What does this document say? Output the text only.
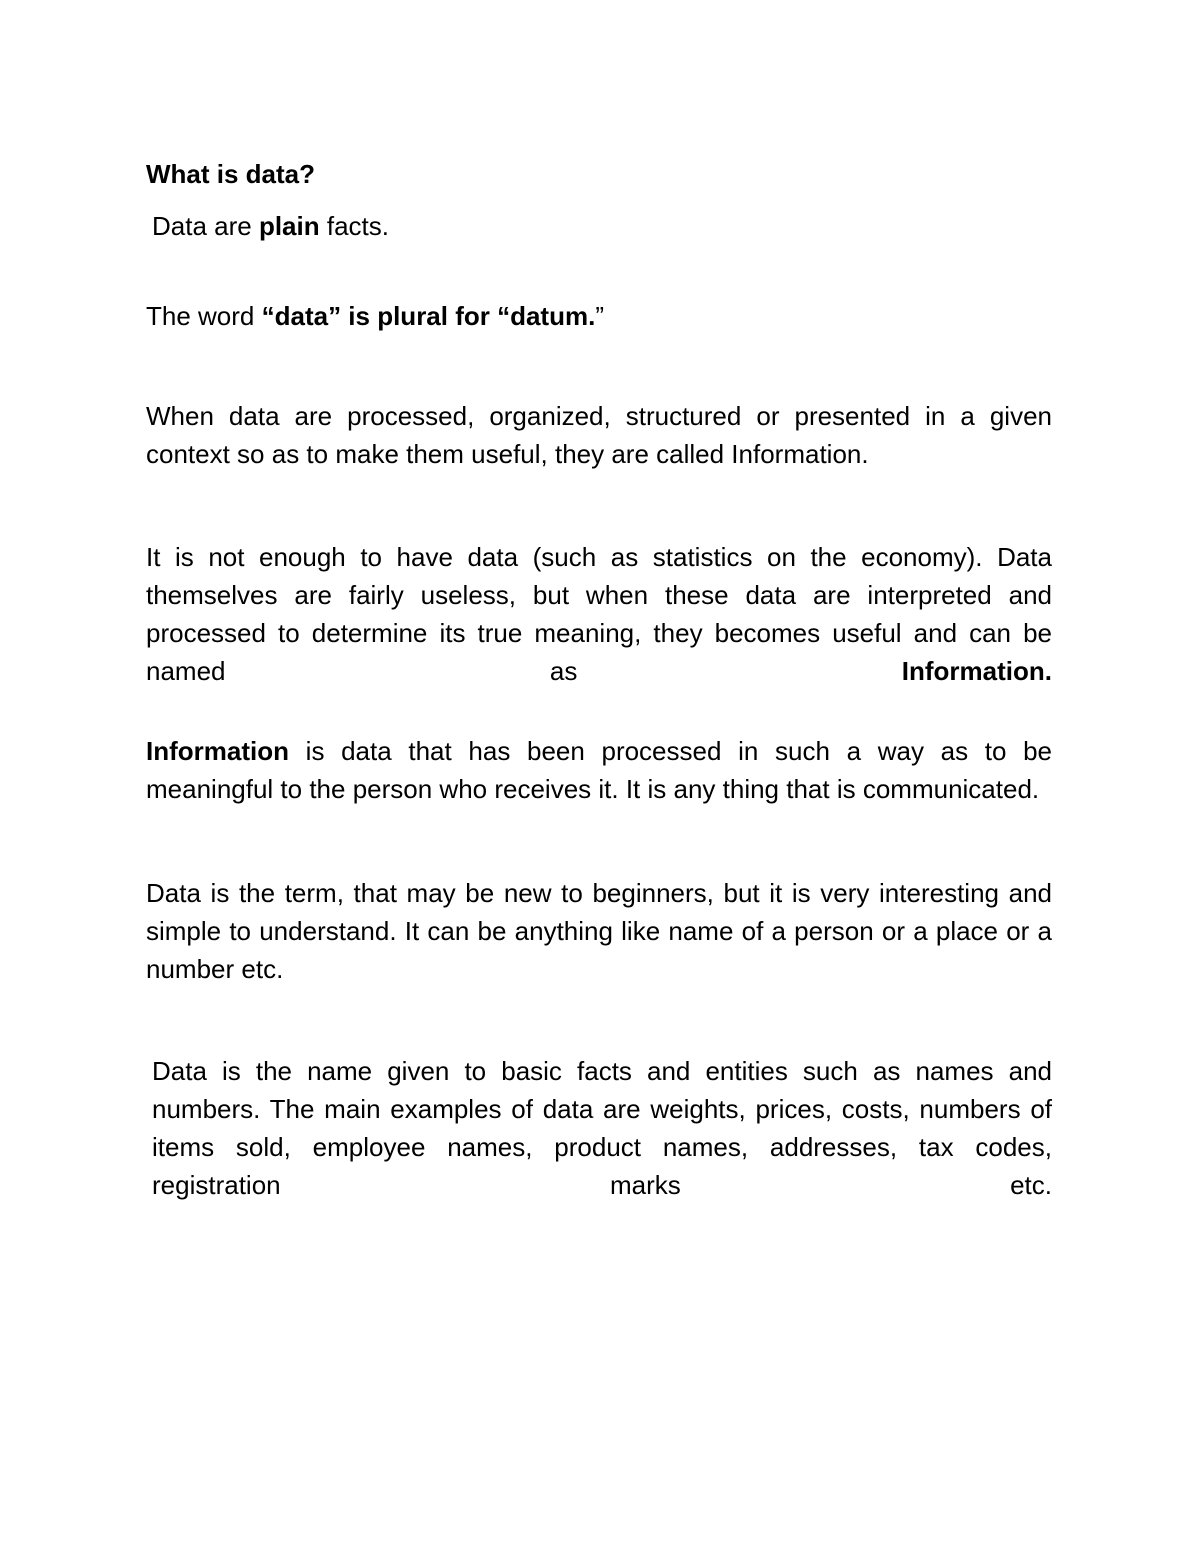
What is data?

Data are plain facts.

The word “data” is plural for “datum.”

When data are processed, organized, structured or presented in a given context so as to make them useful, they are called Information.

It is not enough to have data (such as statistics on the economy). Data themselves are fairly useless, but when these data are interpreted and processed to determine its true meaning, they becomes useful and can be named as Information.

Information is data that has been processed in such a way as to be meaningful to the person who receives it. It is any thing that is communicated.

Data is the term, that may be new to beginners, but it is very interesting and simple to understand. It can be anything like name of a person or a place or a number etc.

Data is the name given to basic facts and entities such as names and numbers. The main examples of data are weights, prices, costs, numbers of items sold, employee names, product names, addresses, tax codes, registration marks etc.
